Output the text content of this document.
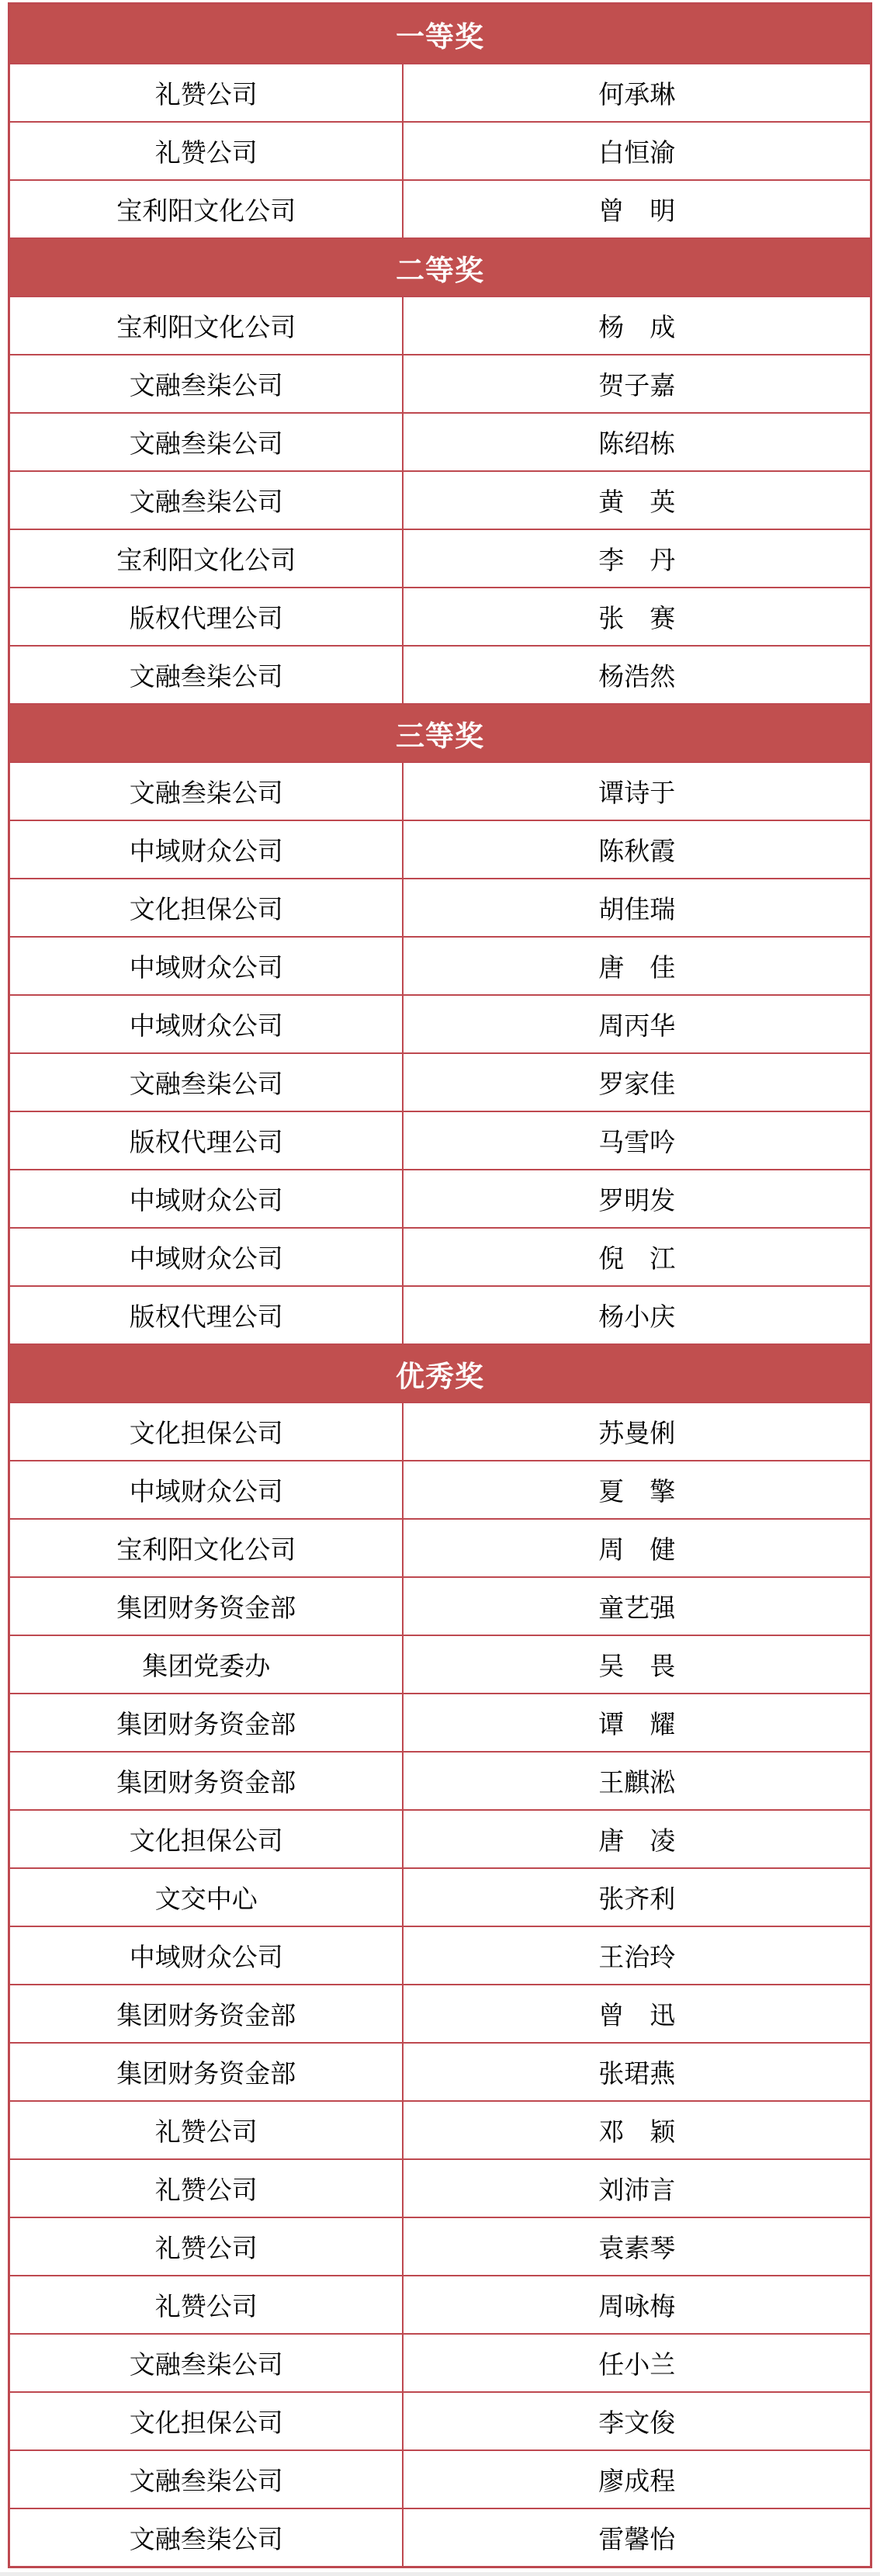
一等奖
礼赞公司	何承琳
礼赞公司	白恒渝
宝利阳文化公司	曾　明
二等奖
宝利阳文化公司	杨　成
文融叁柒公司	贺子嘉
文融叁柒公司	陈绍栋
文融叁柒公司	黄　英
宝利阳文化公司	李　丹
版权代理公司	张　赛
文融叁柒公司	杨浩然
三等奖
文融叁柒公司	谭诗于
中域财众公司	陈秋霞
文化担保公司	胡佳瑞
中域财众公司	唐　佳
中域财众公司	周丙华
文融叁柒公司	罗家佳
版权代理公司	马雪吟
中域财众公司	罗明发
中域财众公司	倪　江
版权代理公司	杨小庆
优秀奖
文化担保公司	苏曼俐
中域财众公司	夏　擎
宝利阳文化公司	周　健
集团财务资金部	童艺强
集团党委办	吴　畏
集团财务资金部	谭　耀
集团财务资金部	王麒淞
文化担保公司	唐　凌
文交中心	张齐利
中域财众公司	王治玲
集团财务资金部	曾　迅
集团财务资金部	张珺燕
礼赞公司	邓　颖
礼赞公司	刘沛言
礼赞公司	袁素琴
礼赞公司	周咏梅
文融叁柒公司	任小兰
文化担保公司	李文俊
文融叁柒公司	廖成程
文融叁柒公司	雷馨怡
